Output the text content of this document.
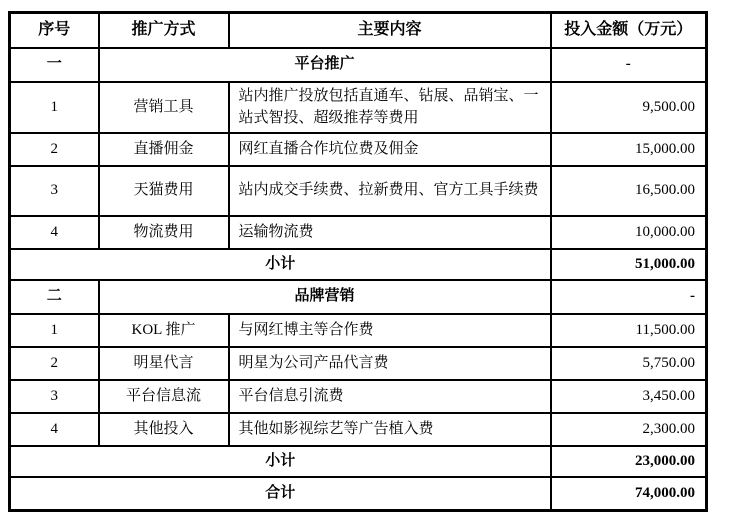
序号	推广方式	主要内容	投入金额（万元）
一	平台推广		-
1	营销工具	站内推广投放包括直通车、钻展、品销宝、一站式智投、超级推荐等费用	9,500.00
2	直播佣金	网红直播合作坑位费及佣金	15,000.00
3	天猫费用	站内成交手续费、拉新费用、官方工具手续费	16,500.00
4	物流费用	运输物流费	10,000.00
小计			51,000.00
二	品牌营销		-
1	KOL 推广	与网红博主等合作费	11,500.00
2	明星代言	明星为公司产品代言费	5,750.00
3	平台信息流	平台信息引流费	3,450.00
4	其他投入	其他如影视综艺等广告植入费	2,300.00
小计			23,000.00
合计			74,000.00
